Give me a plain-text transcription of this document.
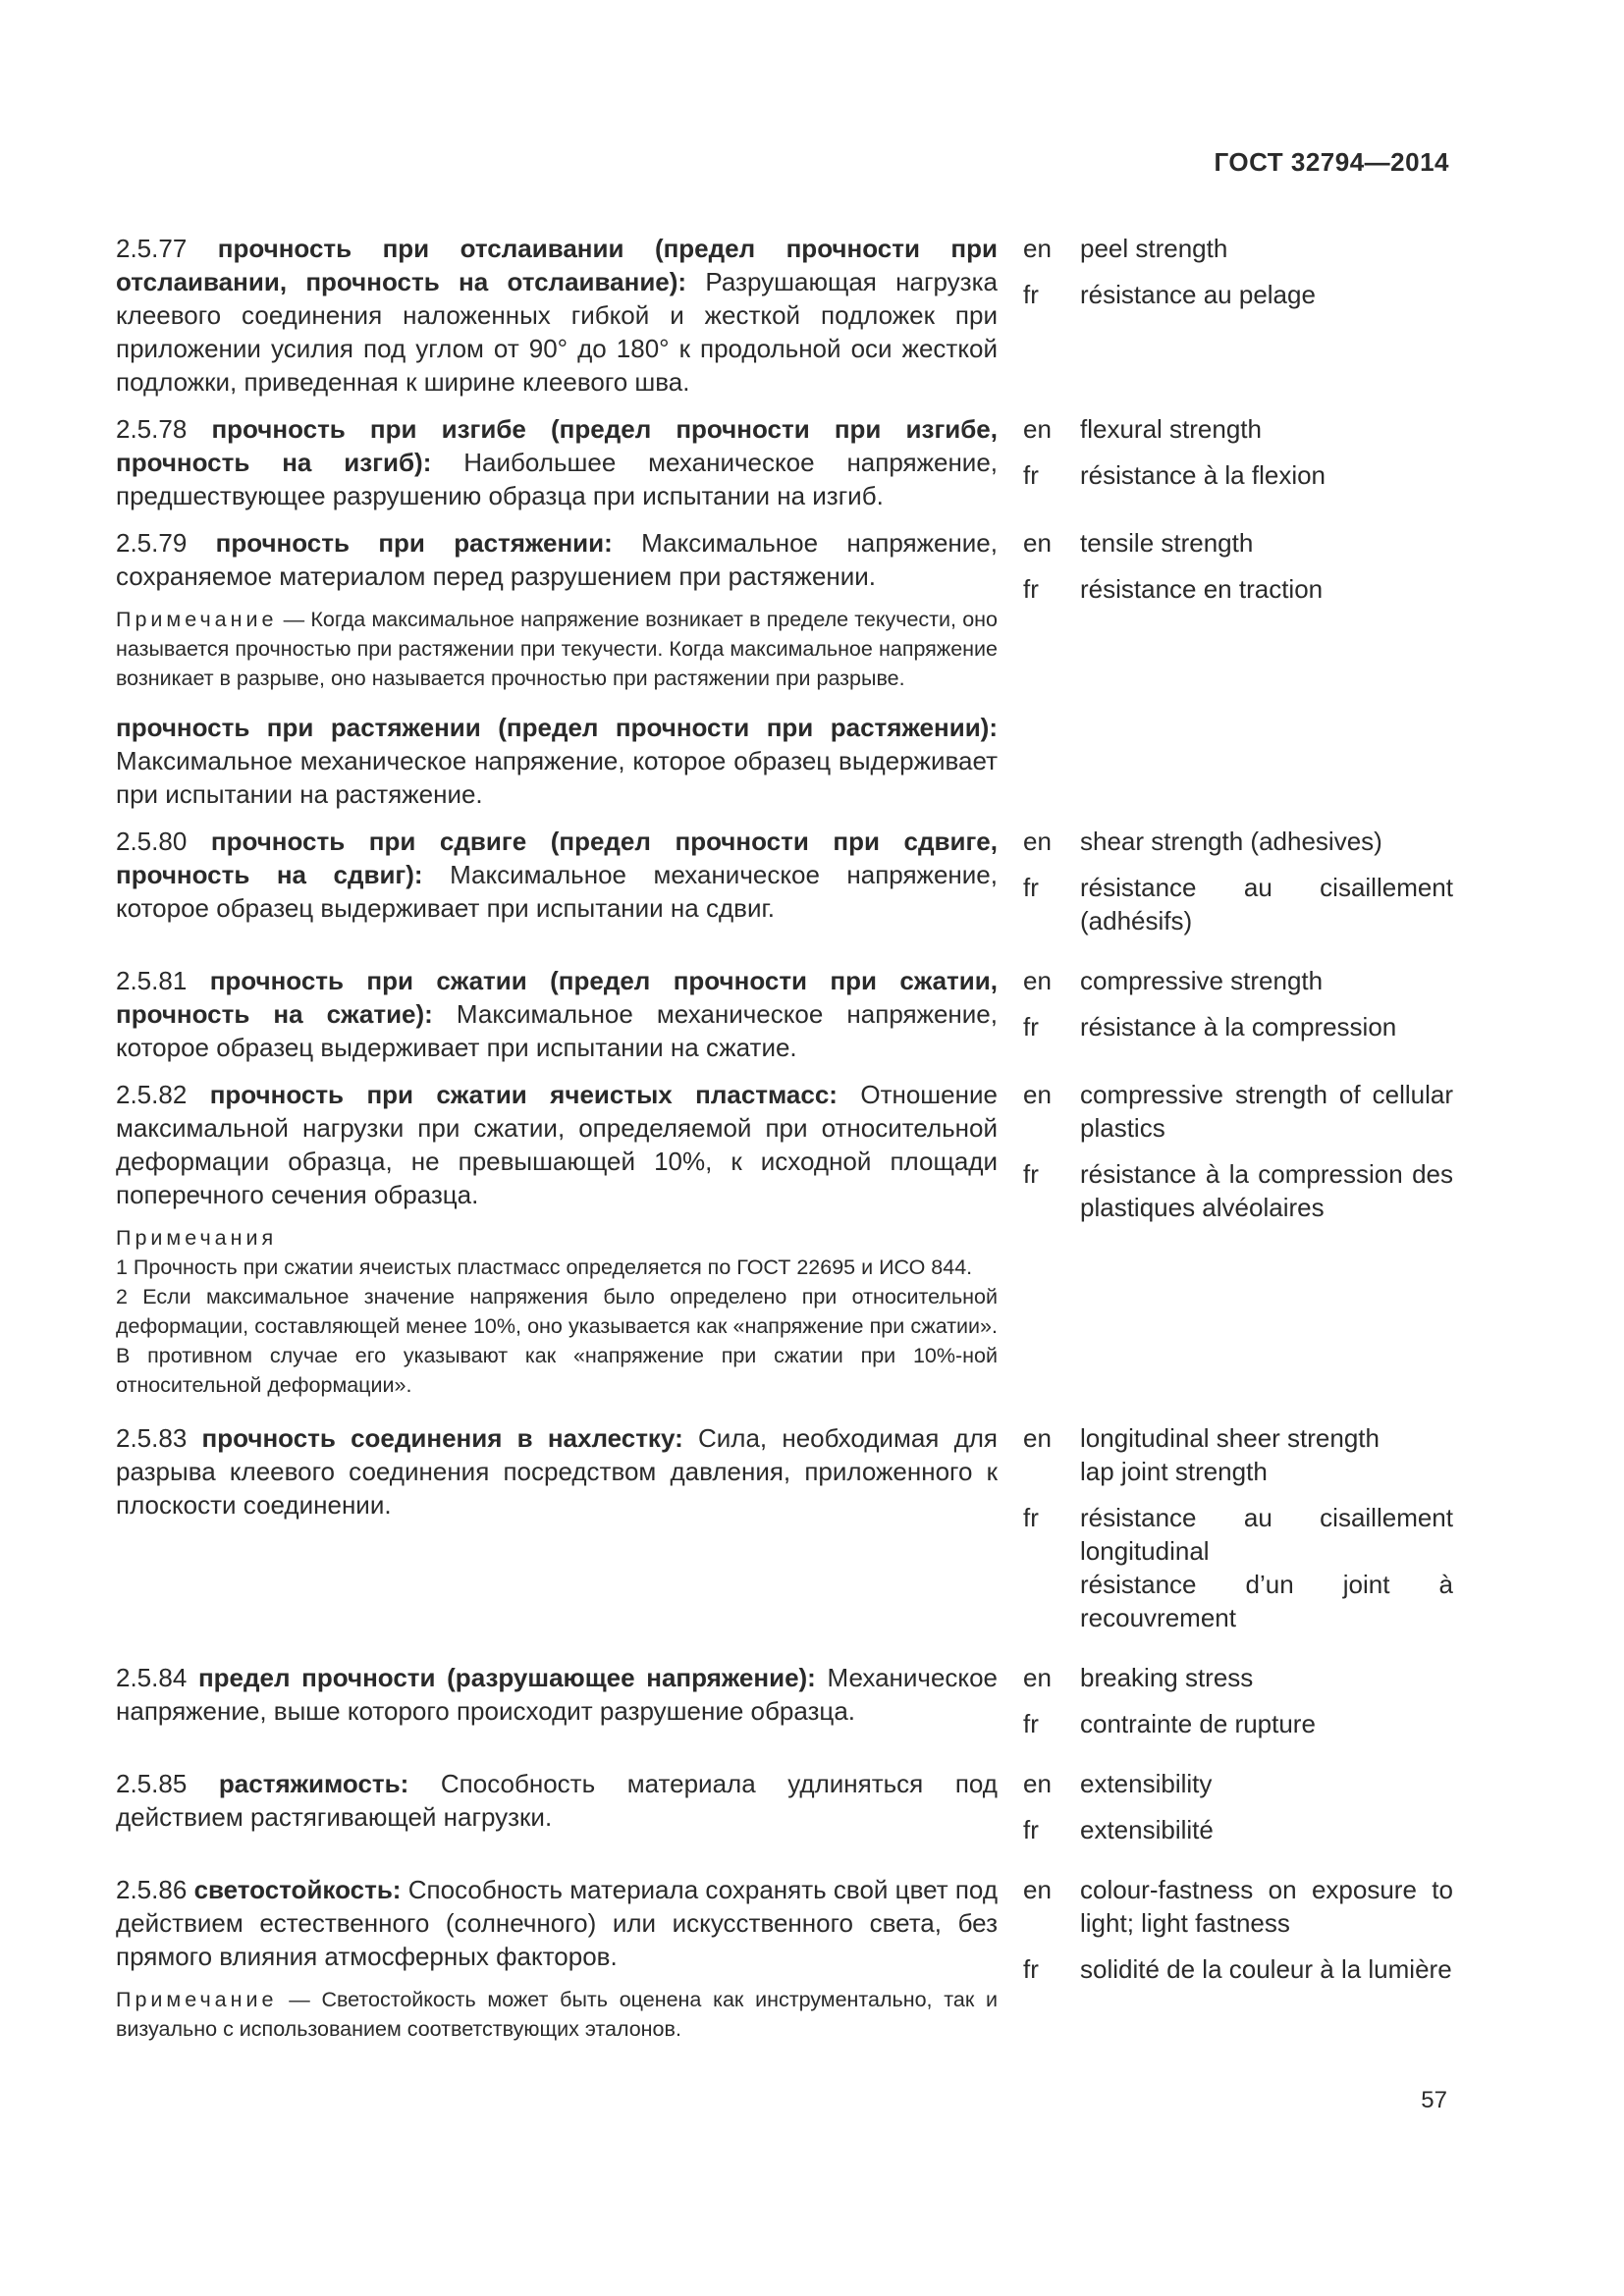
ГОСТ 32794—2014
2.5.77 прочность при отслаивании (предел прочности при отслаивании, прочность на отслаивание): Разрушающая нагрузка клеевого соединения наложенных гибкой и жесткой подложек при приложении усилия под углом от 90° до 180° к продольной оси жесткой подложки, приведенная к ширине клеевого шва.
en	peel strength
fr	résistance au pelage
2.5.78 прочность при изгибе (предел прочности при изгибе, прочность на изгиб): Наибольшее механическое напряжение, предшествующее разрушению образца при испытании на изгиб.
en	flexural strength
fr	résistance à la flexion
2.5.79 прочность при растяжении: Максимальное напряжение, сохраняемое материалом перед разрушением при растяжении.
Примечание — Когда максимальное напряжение возникает в пределе текучести, оно называется прочностью при растяжении при текучести. Когда максимальное напряжение возникает в разрыве, оно называется прочностью при растяжении при разрыве.
прочность при растяжении (предел прочности при растяжении): Максимальное механическое напряжение, которое образец выдерживает при испытании на растяжение.
en	tensile strength
fr	résistance en traction
2.5.80 прочность при сдвиге (предел прочности при сдвиге, прочность на сдвиг): Максимальное механическое напряжение, которое образец выдерживает при испытании на сдвиг.
en	shear strength (adhesives)
fr	résistance au cisaillement (adhésifs)
2.5.81 прочность при сжатии (предел прочности при сжатии, прочность на сжатие): Максимальное механическое напряжение, которое образец выдерживает при испытании на сжатие.
en	compressive strength
fr	résistance à la compression
2.5.82 прочность при сжатии ячеистых пластмасс: Отношение максимальной нагрузки при сжатии, определяемой при относительной деформации образца, не превышающей 10%, к исходной площади поперечного сечения образца.
Примечания
1 Прочность при сжатии ячеистых пластмасс определяется по ГОСТ 22695 и ИСО 844.
2 Если максимальное значение напряжения было определено при относительной деформации, составляющей менее 10%, оно указывается как «напряжение при сжатии». В противном случае его указывают как «напряжение при сжатии при 10%-ной относительной деформации».
en	compressive strength of cellular plastics
fr	résistance à la compression des plastiques alvéolaires
2.5.83 прочность соединения в нахлестку: Сила, необходимая для разрыва клеевого соединения посредством давления, приложенного к плоскости соединении.
en	longitudinal sheer strength
lap joint strength
fr	résistance au cisaillement longitudinal
résistance d’un joint à recouvrement
2.5.84 предел прочности (разрушающее напряжение): Механическое напряжение, выше которого происходит разрушение образца.
en	breaking stress
fr	contrainte de rupture
2.5.85 растяжимость: Способность материала удлиняться под действием растягивающей нагрузки.
en	extensibility
fr	extensibilité
2.5.86 светостойкость: Способность материала сохранять свой цвет под действием естественного (солнечного) или искусственного света, без прямого влияния атмосферных факторов.
Примечание — Светостойкость может быть оценена как инструментально, так и визуально с использованием соответствующих эталонов.
en	colour-fastness on exposure to light; light fastness
fr	solidité de la couleur à la lumière
57
